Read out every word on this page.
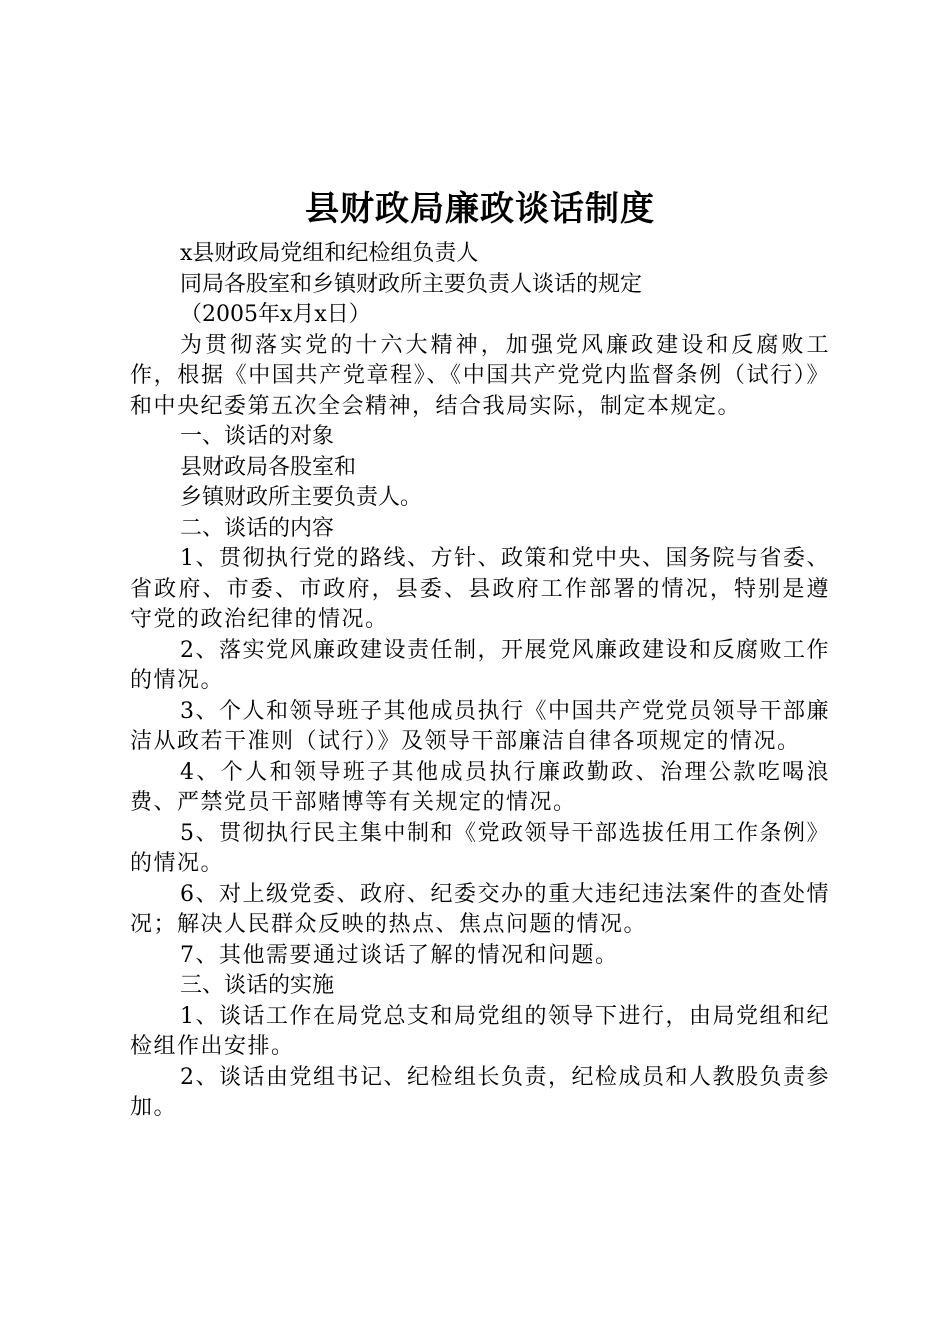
县财政局廉政谈话制度

x县财政局党组和纪检组负责人

同局各股室和乡镇财政所主要负责人谈话的规定

（2005年x月x日）

为贯彻落实党的十六大精神，加强党风廉政建设和反腐败工作，根据《中国共产党章程》、《中国共产党党内监督条例（试行）》和中央纪委第五次全会精神，结合我局实际，制定本规定。

一、谈话的对象

县财政局各股室和

乡镇财政所主要负责人。

二、谈话的内容

1、贯彻执行党的路线、方针、政策和党中央、国务院与省委、省政府、市委、市政府，县委、县政府工作部署的情况，特别是遵守党的政治纪律的情况。

2、落实党风廉政建设责任制，开展党风廉政建设和反腐败工作的情况。

3、个人和领导班子其他成员执行《中国共产党党员领导干部廉洁从政若干准则（试行）》及领导干部廉洁自律各项规定的情况。

4、个人和领导班子其他成员执行廉政勤政、治理公款吃喝浪费、严禁党员干部赌博等有关规定的情况。

5、贯彻执行民主集中制和《党政领导干部选拔任用工作条例》的情况。

6、对上级党委、政府、纪委交办的重大违纪违法案件的查处情况；解决人民群众反映的热点、焦点问题的情况。

7、其他需要通过谈话了解的情况和问题。

三、谈话的实施

1、谈话工作在局党总支和局党组的领导下进行，由局党组和纪检组作出安排。

2、谈话由党组书记、纪检组长负责，纪检成员和人教股负责参加。
